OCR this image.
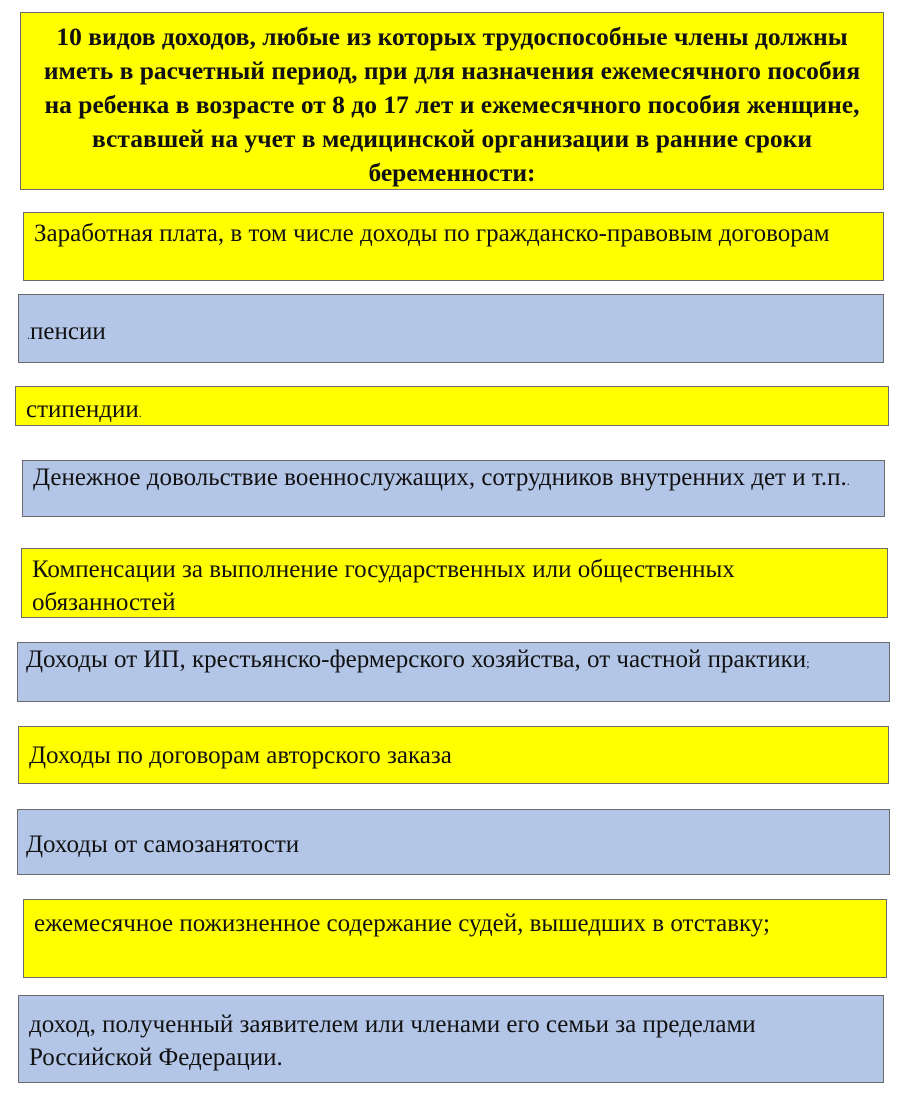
10 видов доходов, любые из которых трудоспособные члены должны иметь в расчетный период, при для назначения ежемесячного пособия на ребенка в возрасте от 8 до 17 лет и ежемесячного пособия женщине, вставшей на учет в медицинской организации в ранние сроки беременности:
Заработная плата, в том числе доходы по гражданско-правовым договорам
.пенсии
стипендии.
Денежное довольствие военнослужащих, сотрудников внутренних дет и т.п..
Компенсации за выполнение государственных или общественных обязанностей
Доходы от ИП, крестьянско-фермерского хозяйства, от частной практики;
Доходы по договорам авторского заказа
Доходы от самозанятости
ежемесячное пожизненное содержание судей, вышедших в отставку;
доход, полученный заявителем или членами его семьи за пределами Российской Федерации.
